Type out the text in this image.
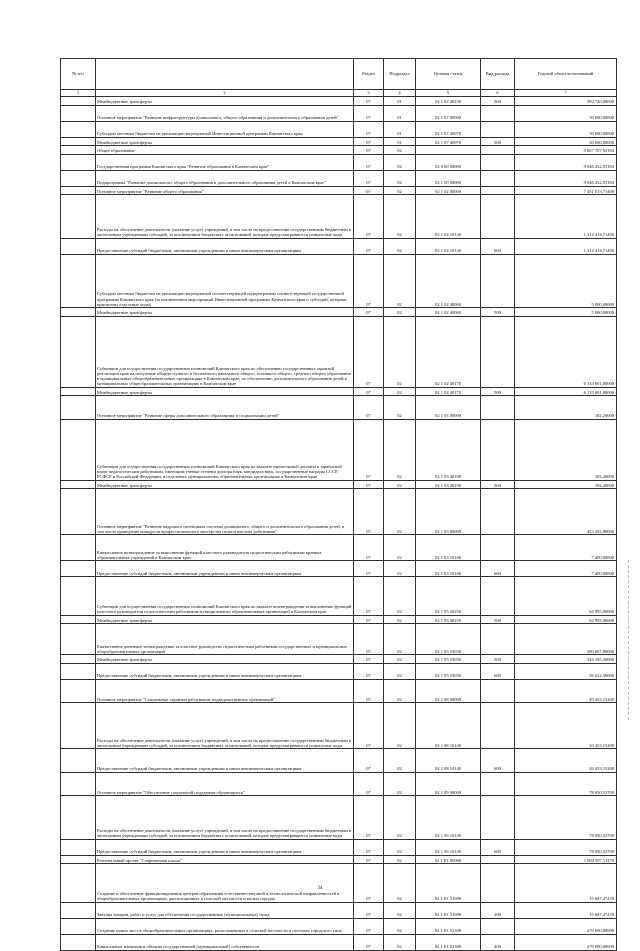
№ п/п		Раздел	Подраздел	Целевая статья	Вид расхода	Годовой объем ассигнований
1	2	3	4	5	6	7
	Межбюджетные трансферты	07	01	02 1 02 40230	500	582 720,00000
	Основное мероприятие "Развитие инфраструктуры дошкольного, общего образования и дополнительного образования детей"	07	01	02 1 07 00000		30 000,00000
	Субсидии местным бюджетам на реализацию мероприятий Инвестиционной программы Камчатского края	07	01	02 1 07 40070		30 000,00000
	Межбюджетные трансферты	07	01	02 1 07 40070	500	30 000,00000
	Общее образование	07	02			9 067 707,93184
	Государственная программа Камчатского края "Развитие образования в Камчатском крае"	07	02	02 0 00 00000		9 046 432,93184
	Подпрограмма "Развитие дошкольного, общего образования и дополнительного образования детей в Камчатском крае"	07	02	02 1 00 00000		9 046 432,93184
	Основное мероприятие "Развитие общего образования"	07	02	02 1 02 00000		7 451 015,71400
	Расходы на обеспечение деятельности (оказание услуг) учреждений, в том числе на предоставление государственным бюджетным и автономным учреждениям субсидий, за исключением бюджетных ассигнований, которые предусматриваются уникальные коды	07	02	02 1 02 10140		1 312 414,71400
	Предоставление субсидий бюджетным, автономным учреждениям и иным некоммерческим организациям	07	02	02 1 02 10140	600	1 312 414,71400
	Субсидии местным бюджетам на реализацию мероприятий соответствующей подпрограммы соответствующей государственной программы Камчатского края (за исключением мероприятий Инвестиционной программы Камчатского края и субсидий, которым присвоены отдельные коды)	07	02	02 1 02 40060		5 000,00000
	Межбюджетные трансферты	07	02	02 1 02 40060	500	5 000,00000
	Субвенции для осуществления государственных полномочий Камчатского края по обеспечению государственных гарантий реализации прав на получение общедоступного и бесплатного начального общего, основного общего, среднего общего образования в муниципальных общеобразовательных организациях в Камчатском крае, по обеспечению дополнительного образования детей в муниципальных общеобразовательных организациях в Камчатском крае	07	02	02 1 02 40170		6 133 601,00000
	Межбюджетные трансферты	07	02	02 1 02 40170	500	6 133 601,00000
	Основное мероприятие "Развитие сферы дополнительного образования и социализации детей"	07	02	02 1 03 00000		182,20000
	Субвенции для осуществления государственных полномочий Камчатского края по выплате ежемесячной доплаты к заработной плате педагогическим работникам, имеющим ученые степени доктора наук, кандидата наук, государственные награды СССР, РСФСР и Российской Федерации, в отдельных муниципальных образовательных организациях в Камчатском крае	07	02	02 1 03 40190		182,20000
	Межбюджетные трансферты	07	02	02 1 03 40190	500	182,20000
	Основное мероприятие "Развитие кадрового потенциала системы дошкольного, общего и дополнительного образования детей, в том числе проведение конкурсов профессионального мастерства педагогических работников"	07	02	02 1 05 00000		453 202,80000
	Ежемесячное вознаграждение за выполнение функций классного руководителя педагогическим работникам краевых образовательных учреждений в Камчатском крае	07	02	02 1 05 10160		7 400,00000
	Предоставление субсидий бюджетным, автономным учреждениям и иным некоммерческим организациям	07	02	02 1 05 10160	600	7 400,00000
	Субвенции для осуществления государственных полномочий Камчатского края по выплате вознаграждения за выполнение функций классного руководителя педагогическим работникам муниципальных образовательных организаций в Камчатском крае	07	02	02 1 05 40250		64 995,00000
	Межбюджетные трансферты	07	02	02 1 05 40250	500	64 995,00000
	Ежемесячное денежное вознаграждение за классное руководство педагогическим работникам государственных и муниципальных общеобразовательных организаций	07	02	02 1 05 53030		380 807,80000
	Межбюджетные трансферты	07	02	02 1 05 53030	500	344 185,30000
	Предоставление субсидий бюджетным, автономным учреждениям и иным некоммерческим организациям	07	02	02 1 05 53030	600	36 622,50000
	Основное мероприятие "Социальные гарантии работникам подведомственных организаций"	07	02	02 1 08 00000		20 453,15200
	Расходы на обеспечение деятельности (оказание услуг) учреждений, в том числе на предоставление государственным бюджетным и автономным учреждениям субсидий, за исключением бюджетных ассигнований, которые предусматриваются уникальные коды	07	02	02 1 08 10140		20 453,15200
	Предоставление субсидий бюджетным, автономным учреждениям и иным некоммерческим организациям	07	02	02 1 08 10140	600	20 453,15200
	Основное мероприятие "Обеспечение социальной поддержки обучающихся"	07	02	02 1 09 00000		78 050,53700
	Расходы на обеспечение деятельности (оказание услуг) учреждений, в том числе на предоставление государственным бюджетным и автономным учреждениям субсидий, за исключением бюджетных ассигнований, которые предусматриваются уникальные коды	07	02	02 1 09 10140		78 050,53700
	Предоставление субсидий бюджетным, автономным учреждениям и иным некоммерческим организациям	07	02	02 1 09 10140	600	78 050,53700
	Региональный проект "Современная школа"	07	02	02 1 E1 00000		1 004 597,11470
	Создание и обеспечение функционирования центров образования естественно-научной и технологической направленностей в общеобразовательных организациях, расположенных в сельской местности и малых городах	07	02	02 1 E1 51690		15 687,47470
	Закупка товаров, работ и услуг для обеспечения государственных (муниципальных) нужд	07	02	02 1 E1 51690	200	15 687,47470
	Создание новых мест в общеобразовательных организациях, расположенных в сельской местности и поселках городского типа	07	02	02 1 E1 52300		270 000,00000
	Капитальные вложения в объекты государственной (муниципальной) собственности	07	02	02 1 E1 52300	400	270 000,00000
34
